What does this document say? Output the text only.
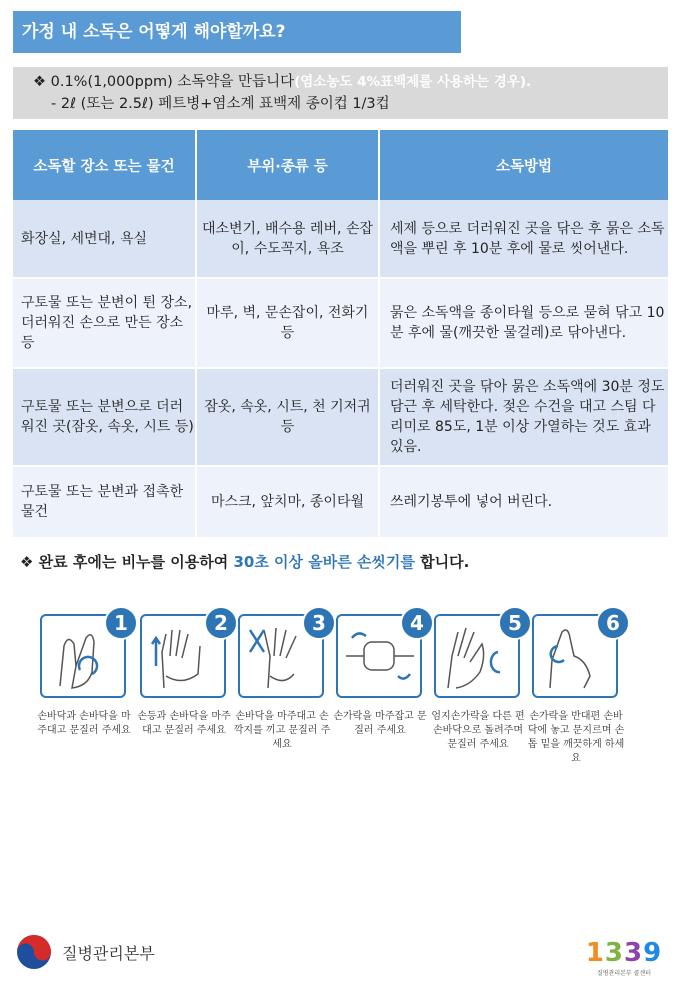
가정 내 소독은 어떻게 해야할까요?
❖ 0.1%(1,000ppm) 소독약을 만듭니다(염소농도 4%표백제를 사용하는 경우).
- 2ℓ (또는 2.5ℓ) 페트병+염소계 표백제 종이컵 1/3컵
소독할 장소 또는 물건	부위·종류 등	소독방법
화장실, 세면대, 욕실	대소변기, 배수용 레버, 손잡이, 수도꼭지, 욕조	세제 등으로 더러워진 곳을 닦은 후 묽은 소독액을 뿌린 후 10분 후에 물로 씻어낸다.
구토물 또는 분변이 튄 장소, 더러워진 손으로 만든 장소 등	마루, 벽, 문손잡이, 전화기 등	묽은 소독액을 종이타월 등으로 묻혀 닦고 10분 후에 물(깨끗한 물걸레)로 닦아낸다.
구토물 또는 분변으로 더러워진 곳(잠옷, 속옷, 시트 등)	잠옷, 속옷, 시트, 천 기저귀 등	더러워진 곳을 닦아 묽은 소독액에 30분 정도 담근 후 세탁한다. 젖은 수건을 대고 스팀 다리미로 85도, 1분 이상 가열하는 것도 효과 있음.
구토물 또는 분변과 접촉한 물건	마스크, 앞치마, 종이타월	쓰레기봉투에 넣어 버린다.
❖ 완료 후에는 비누를 이용하여 30초 이상 올바른 손씻기를 합니다.
1
손바닥과 손바닥을 마주대고 문질러 주세요
2
손등과 손바닥을 마주대고 문질러 주세요
3
손바닥을 마주대고 손깍지를 끼고 문질러 주세요
4
손가락을 마주잡고 문질러 주세요
5
엄지손가락을 다른 편 손바닥으로 돌려주며 문질러 주세요
6
손가락을 반대편 손바닥에 놓고 문지르며 손톱 밑을 깨끗하게 하세요
질병관리본부	1339
질병관리본부 콜센터
